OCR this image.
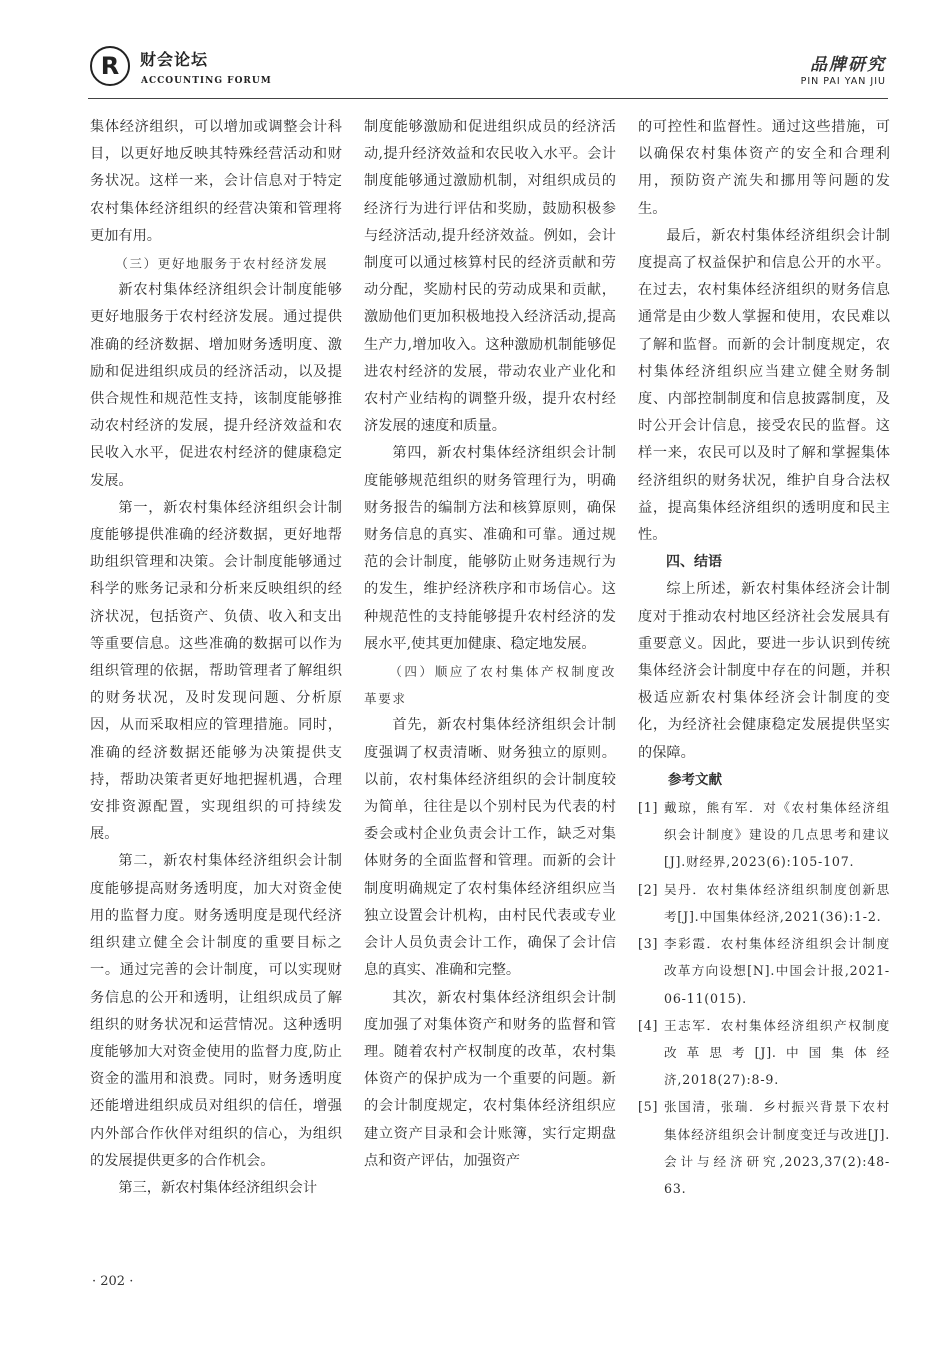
R	财会论坛
ACCOUNTING FORUM
品牌研究
PIN PAI YAN JIU

集体经济组织，可以增加或调整会计科目，以更好地反映其特殊经营活动和财务状况。这样一来，会计信息对于特定农村集体经济组织的经营决策和管理将更加有用。

（三）更好地服务于农村经济发展

新农村集体经济组织会计制度能够更好地服务于农村经济发展。通过提供准确的经济数据、增加财务透明度、激励和促进组织成员的经济活动，以及提供合规性和规范性支持，该制度能够推动农村经济的发展，提升经济效益和农民收入水平，促进农村经济的健康稳定发展。

第一，新农村集体经济组织会计制度能够提供准确的经济数据，更好地帮助组织管理和决策。会计制度能够通过科学的账务记录和分析来反映组织的经济状况，包括资产、负债、收入和支出等重要信息。这些准确的数据可以作为组织管理的依据，帮助管理者了解组织的财务状况，及时发现问题、分析原因，从而采取相应的管理措施。同时，准确的经济数据还能够为决策提供支持，帮助决策者更好地把握机遇，合理安排资源配置，实现组织的可持续发展。

第二，新农村集体经济组织会计制度能够提高财务透明度，加大对资金使用的监督力度。财务透明度是现代经济组织建立健全会计制度的重要目标之一。通过完善的会计制度，可以实现财务信息的公开和透明，让组织成员了解组织的财务状况和运营情况。这种透明度能够加大对资金使用的监督力度,防止资金的滥用和浪费。同时，财务透明度还能增进组织成员对组织的信任，增强内外部合作伙伴对组织的信心，为组织的发展提供更多的合作机会。

第三，新农村集体经济组织会计

制度能够激励和促进组织成员的经济活动,提升经济效益和农民收入水平。会计制度能够通过激励机制，对组织成员的经济行为进行评估和奖励，鼓励积极参与经济活动,提升经济效益。例如，会计制度可以通过核算村民的经济贡献和劳动分配，奖励村民的劳动成果和贡献，激励他们更加积极地投入经济活动,提高生产力,增加收入。这种激励机制能够促进农村经济的发展，带动农业产业化和农村产业结构的调整升级，提升农村经济发展的速度和质量。

第四，新农村集体经济组织会计制度能够规范组织的财务管理行为，明确财务报告的编制方法和核算原则，确保财务信息的真实、准确和可靠。通过规范的会计制度，能够防止财务违规行为的发生，维护经济秩序和市场信心。这种规范性的支持能够提升农村经济的发展水平,使其更加健康、稳定地发展。

（四）顺应了农村集体产权制度改革要求

首先，新农村集体经济组织会计制度强调了权责清晰、财务独立的原则。以前，农村集体经济组织的会计制度较为简单，往往是以个别村民为代表的村委会或村企业负责会计工作，缺乏对集体财务的全面监督和管理。而新的会计制度明确规定了农村集体经济组织应当独立设置会计机构，由村民代表或专业会计人员负责会计工作，确保了会计信息的真实、准确和完整。

其次，新农村集体经济组织会计制度加强了对集体资产和财务的监督和管理。随着农村产权制度的改革，农村集体资产的保护成为一个重要的问题。新的会计制度规定，农村集体经济组织应建立资产目录和会计账簿，实行定期盘点和资产评估，加强资产

的可控性和监督性。通过这些措施，可以确保农村集体资产的安全和合理利用，预防资产流失和挪用等问题的发生。

最后，新农村集体经济组织会计制度提高了权益保护和信息公开的水平。在过去，农村集体经济组织的财务信息通常是由少数人掌握和使用，农民难以了解和监督。而新的会计制度规定，农村集体经济组织应当建立健全财务制度、内部控制制度和信息披露制度，及时公开会计信息，接受农民的监督。这样一来，农民可以及时了解和掌握集体经济组织的财务状况，维护自身合法权益，提高集体经济组织的透明度和民主性。

四、结语

综上所述，新农村集体经济会计制度对于推动农村地区经济社会发展具有重要意义。因此，要进一步认识到传统集体经济会计制度中存在的问题，并积极适应新农村集体经济会计制度的变化，为经济社会健康稳定发展提供坚实的保障。

参考文献

[1] 戴琼，熊有军．对《农村集体经济组织会计制度》建设的几点思考和建议[J].财经界,2023(6):105-107.
[2] 吴丹．农村集体经济组织制度创新思考[J].中国集体经济,2021(36):1-2.
[3] 李彩霞．农村集体经济组织会计制度改革方向设想[N].中国会计报,2021-06-11(015).
[4] 王志军．农村集体经济组织产权制度改革思考[J].中国集体经济,2018(27):8-9.
[5] 张国清，张瑞．乡村振兴背景下农村集体经济组织会计制度变迁与改进[J].会计与经济研究,2023,37(2):48-63.
· 202 ·
